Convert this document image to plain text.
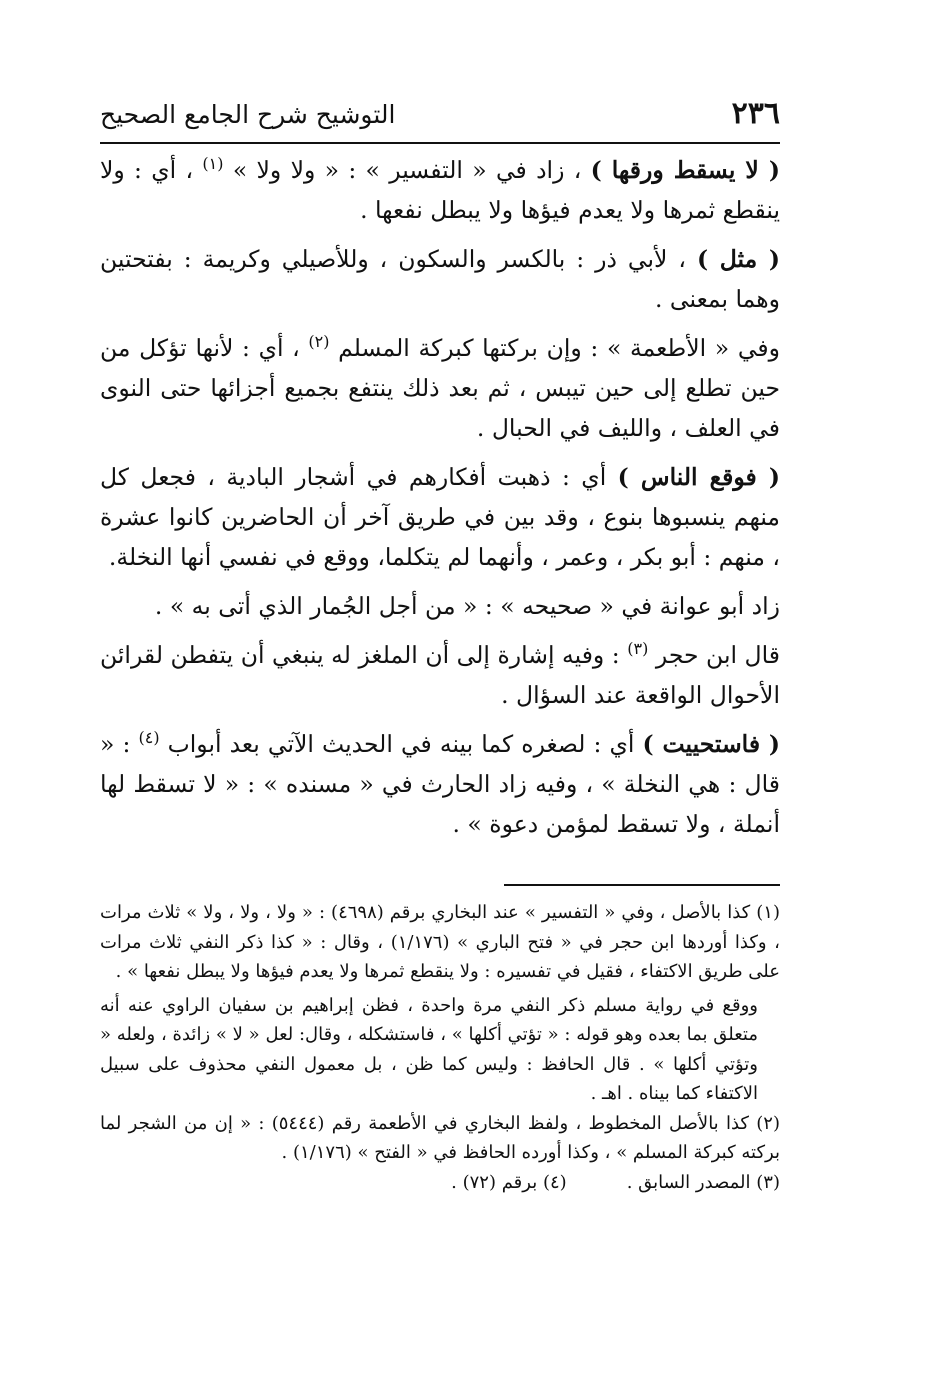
٢٣٦
التوشيح شرح الجامع الصحيح

( لا يسقط ورقها ) ، زاد في « التفسير » : « ولا ولا » $^{(١)}$ ، أي : ولا ينقطع ثمرها ولا يعدم فيؤها ولا يبطل نفعها .

( مثل ) ، لأبي ذر : بالكسر والسكون ، وللأصيلي وكريمة : بفتحتين وهما بمعنى .

وفي « الأطعمة » : وإن بركتها كبركة المسلم $^{(٢)}$ ، أي : لأنها تؤكل من حين تطلع إلى حين تيبس ، ثم بعد ذلك ينتفع بجميع أجزائها حتى النوى في العلف ، والليف في الحبال .

( فوقع الناس ) أي : ذهبت أفكارهم في أشجار البادية ، فجعل كل منهم ينسبوها بنوع ، وقد بين في طريق آخر أن الحاضرين كانوا عشرة ، منهم : أبو بكر ، وعمر ، وأنهما لم يتكلما، ووقع في نفسي أنها النخلة.

زاد أبو عوانة في « صحيحه » : « من أجل الجُمار الذي أتى به » .

قال ابن حجر $^{(٣)}$ : وفيه إشارة إلى أن الملغز له ينبغي أن يتفطن لقرائن الأحوال الواقعة عند السؤال .

( فاستحييت ) أي : لصغره كما بينه في الحديث الآتي بعد أبواب $^{(٤)}$ : « قال : هي النخلة » ، وفيه زاد الحارث في « مسنده » : « لا تسقط لها أنملة ، ولا تسقط لمؤمن دعوة » .

(١) كذا بالأصل ، وفي « التفسير » عند البخاري برقم (٤٦٩٨) : « ولا ، ولا ، ولا » ثلاث مرات ، وكذا أوردها ابن حجر في « فتح الباري » (١/١٧٦) ، وقال : « كذا ذكر النفي ثلاث مرات على طريق الاكتفاء ، فقيل في تفسيره : ولا ينقطع ثمرها ولا يعدم فيؤها ولا يبطل نفعها » .

ووقع في رواية مسلم ذكر النفي مرة واحدة ، فظن إبراهيم بن سفيان الراوي عنه أنه متعلق بما بعده وهو قوله : « تؤتي أكلها » ، فاستشكله ، وقال: لعل « لا » زائدة ، ولعله « وتؤتي أكلها » . قال الحافظ : وليس كما ظن ، بل معمول النفي محذوف على سبيل الاكتفاء كما بيناه . اهـ .

(٢) كذا بالأصل المخطوط ، ولفظ البخاري في الأطعمة رقم (٥٤٤٤) : « إن من الشجر لما بركته كبركة المسلم » ، وكذا أورده الحافظ في « الفتح » (١/١٧٦) .

(٣) المصدر السابق .
(٤) برقم (٧٢) .
